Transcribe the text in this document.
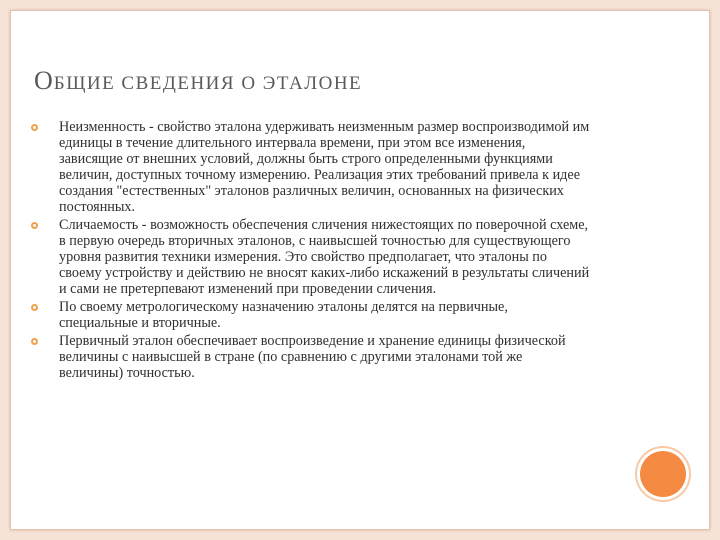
ОБЩИЕ СВЕДЕНИЯ О ЭТАЛОНЕ
Неизменность - свойство эталона удерживать неизменным размер воспроизводимой им единицы в течение длительного интервала времени, при этом все изменения, зависящие от внешних условий, должны быть строго определенными функциями величин, доступных точному измерению. Реализация этих требований привела к идее создания "естественных" эталонов различных величин, основанных на физических постоянных.
Сличаемость - возможность обеспечения сличения нижестоящих по поверочной схеме, в первую очередь вторичных эталонов, с наивысшей точностью для существующего уровня развития техники измерения. Это свойство предполагает, что эталоны по своему устройству и действию не вносят каких-либо искажений в результаты сличений и сами не претерпевают изменений при проведении сличения.
По своему метрологическому назначению эталоны делятся на первичные, специальные и вторичные.
Первичный эталон обеспечивает воспроизведение и хранение единицы физической величины с наивысшей в стране (по сравнению с другими эталонами той же величины) точностью.
